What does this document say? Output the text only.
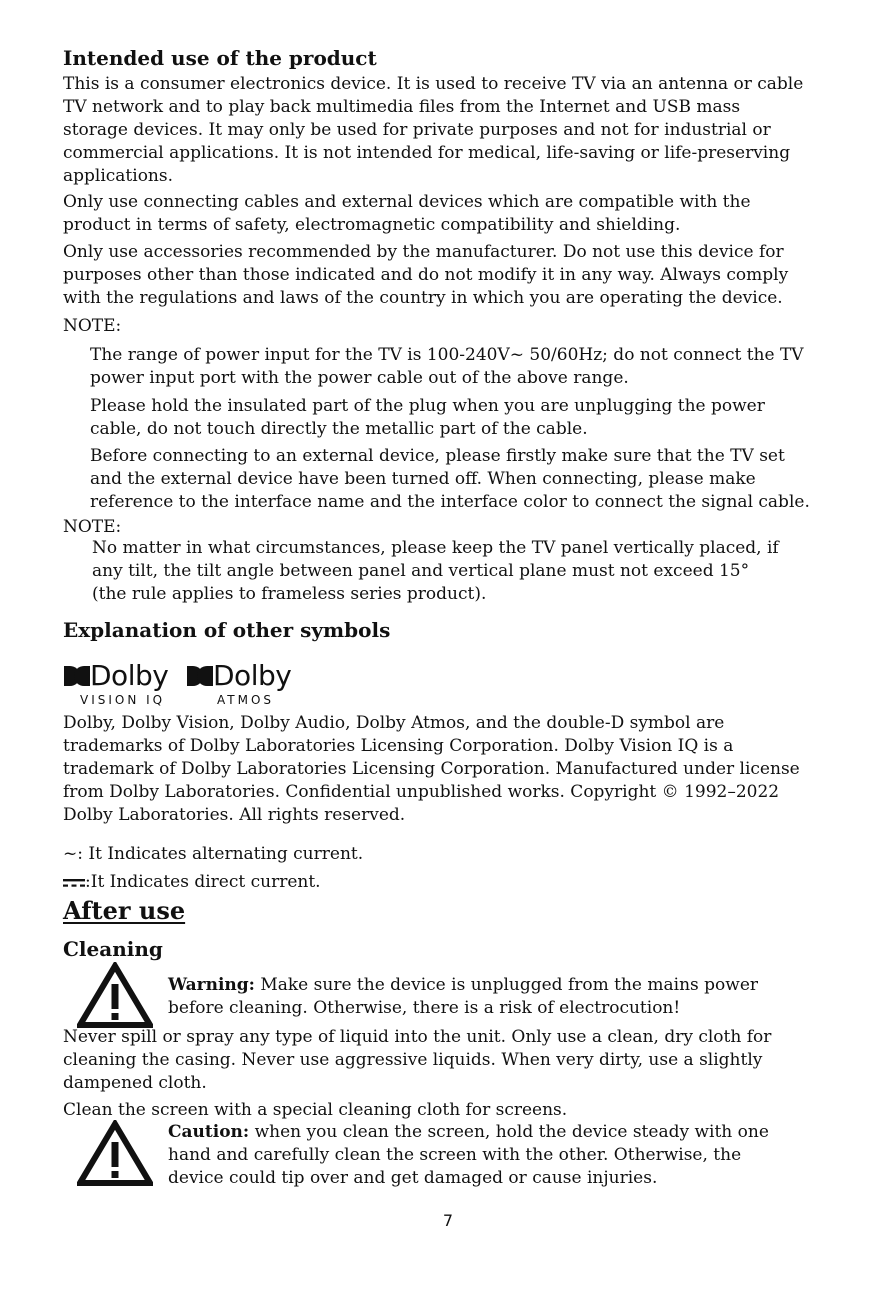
Intended use of the product

This is a consumer electronics device. It is used to receive TV via an antenna or cable
TV network and to play back multimedia files from the Internet and USB mass
storage devices. It may only be used for private purposes and not for industrial or
commercial applications. It is not intended for medical, life-saving or life-preserving
applications.

Only use connecting cables and external devices which are compatible with the
product in terms of safety, electromagnetic compatibility and shielding.

Only use accessories recommended by the manufacturer. Do not use this device for
purposes other than those indicated and do not modify it in any way. Always comply
with the regulations and laws of the country in which you are operating the device.

NOTE:

The range of power input for the TV is 100-240V~ 50/60Hz; do not connect the TV
power input port with the power cable out of the above range.

Please hold the insulated part of the plug when you are unplugging the power
cable, do not touch directly the metallic part of the cable.

Before connecting to an external device, please firstly make sure that the TV set
and the external device have been turned off. When connecting, please make
reference to the interface name and the interface color to connect the signal cable.

NOTE:

No matter in what circumstances, please keep the TV panel vertically placed, if
any tilt, the tilt angle between panel and vertical plane must not exceed 15°
(the rule applies to frameless series product).

Explanation of other symbols
Dolby
VISION IQ
Dolby
ATMOS

Dolby, Dolby Vision, Dolby Audio, Dolby Atmos, and the double-D symbol are
trademarks of Dolby Laboratories Licensing Corporation. Dolby Vision IQ is a
trademark of Dolby Laboratories Licensing Corporation. Manufactured under license
from Dolby Laboratories. Confidential unpublished works. Copyright © 1992–2022
Dolby Laboratories. All rights reserved.

~: It Indicates alternating current.

:It Indicates direct current.

After use
Cleaning

Warning: Make sure the device is unplugged from the mains power
before cleaning. Otherwise, there is a risk of electrocution!

Never spill or spray any type of liquid into the unit. Only use a clean, dry cloth for
cleaning the casing. Never use aggressive liquids. When very dirty, use a slightly
dampened cloth.

Clean the screen with a special cleaning cloth for screens.

Caution: when you clean the screen, hold the device steady with one
hand and carefully clean the screen with the other. Otherwise, the
device could tip over and get damaged or cause injuries.

7
